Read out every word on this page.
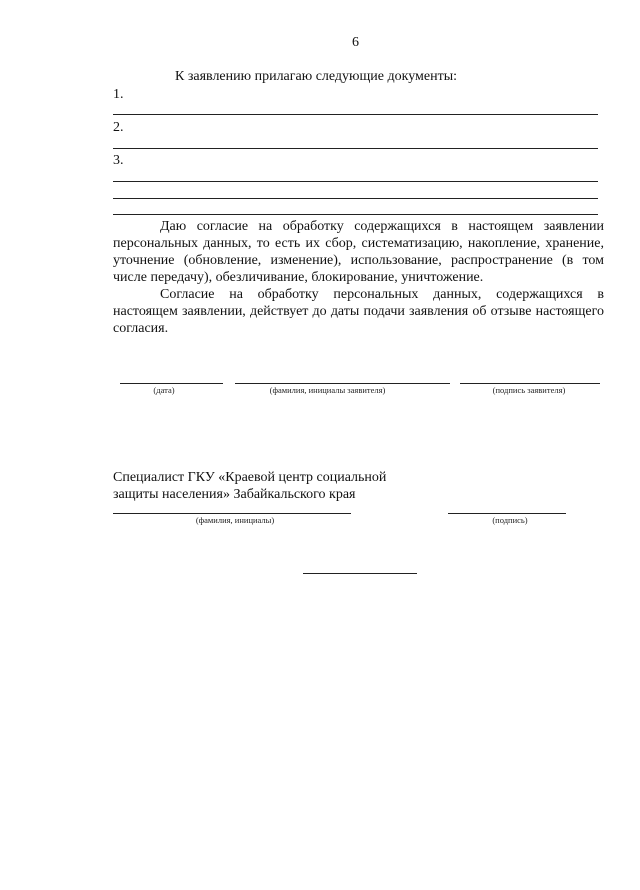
6
К заявлению прилагаю следующие документы:
1.
2.
3.

Даю согласие на обработку содержащихся в настоящем заявлении персональных данных, то есть их сбор, систематизацию, накопление, хранение, уточнение (обновление, изменение), использование, распространение (в том числе передачу), обезличивание, блокирование, уничтожение.

Согласие на обработку персональных данных, содержащихся в настоящем заявлении, действует до даты подачи заявления об отзыве настоящего согласия.

(дата)	(фамилия, инициалы заявителя)	(подпись заявителя)
Специалист ГКУ «Краевой центр социальной
защиты населения» Забайкальского края
(фамилия, инициалы)	(подпись)
